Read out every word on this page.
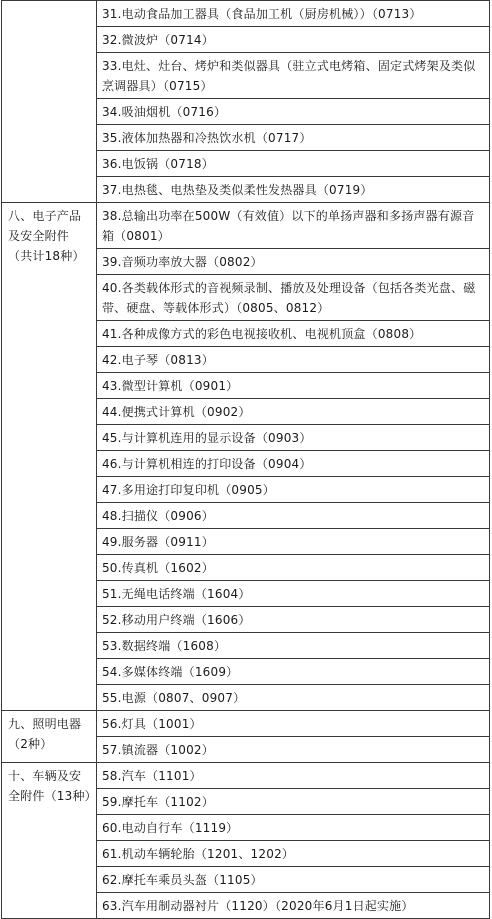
	31.电动食品加工器具（食品加工机（厨房机械））（0713）
	32.微波炉（0714）
	33.电灶、灶台、烤炉和类似器具（驻立式电烤箱、固定式烤架及类似烹调器具）（0715）
	34.吸油烟机（0716）
	35.液体加热器和冷热饮水机（0717）
	36.电饭锅（0718）
	37.电热毯、电热垫及类似柔性发热器具（0719）
八、电子产品及安全附件（共计18种）	38.总输出功率在500W（有效值）以下的单扬声器和多扬声器有源音箱（0801）
	39.音频功率放大器（0802）
	40.各类载体形式的音视频录制、播放及处理设备（包括各类光盘、磁带、硬盘、等载体形式）（0805、0812）
	41.各种成像方式的彩色电视接收机、电视机顶盒（0808）
	42.电子琴（0813）
	43.微型计算机（0901）
	44.便携式计算机（0902）
	45.与计算机连用的显示设备（0903）
	46.与计算机相连的打印设备（0904）
	47.多用途打印复印机（0905）
	48.扫描仪（0906）
	49.服务器（0911）
	50.传真机（1602）
	51.无绳电话终端（1604）
	52.移动用户终端（1606）
	53.数据终端（1608）
	54.多媒体终端（1609）
	55.电源（0807、0907）
九、照明电器（2种）	56.灯具（1001）
	57.镇流器（1002）
十、车辆及安全附件（13种）	58.汽车（1101）
	59.摩托车（1102）
	60.电动自行车（1119）
	61.机动车辆轮胎（1201、1202）
	62.摩托车乘员头盔（1105）
	63.汽车用制动器衬片（1120）（2020年6月1日起实施）
